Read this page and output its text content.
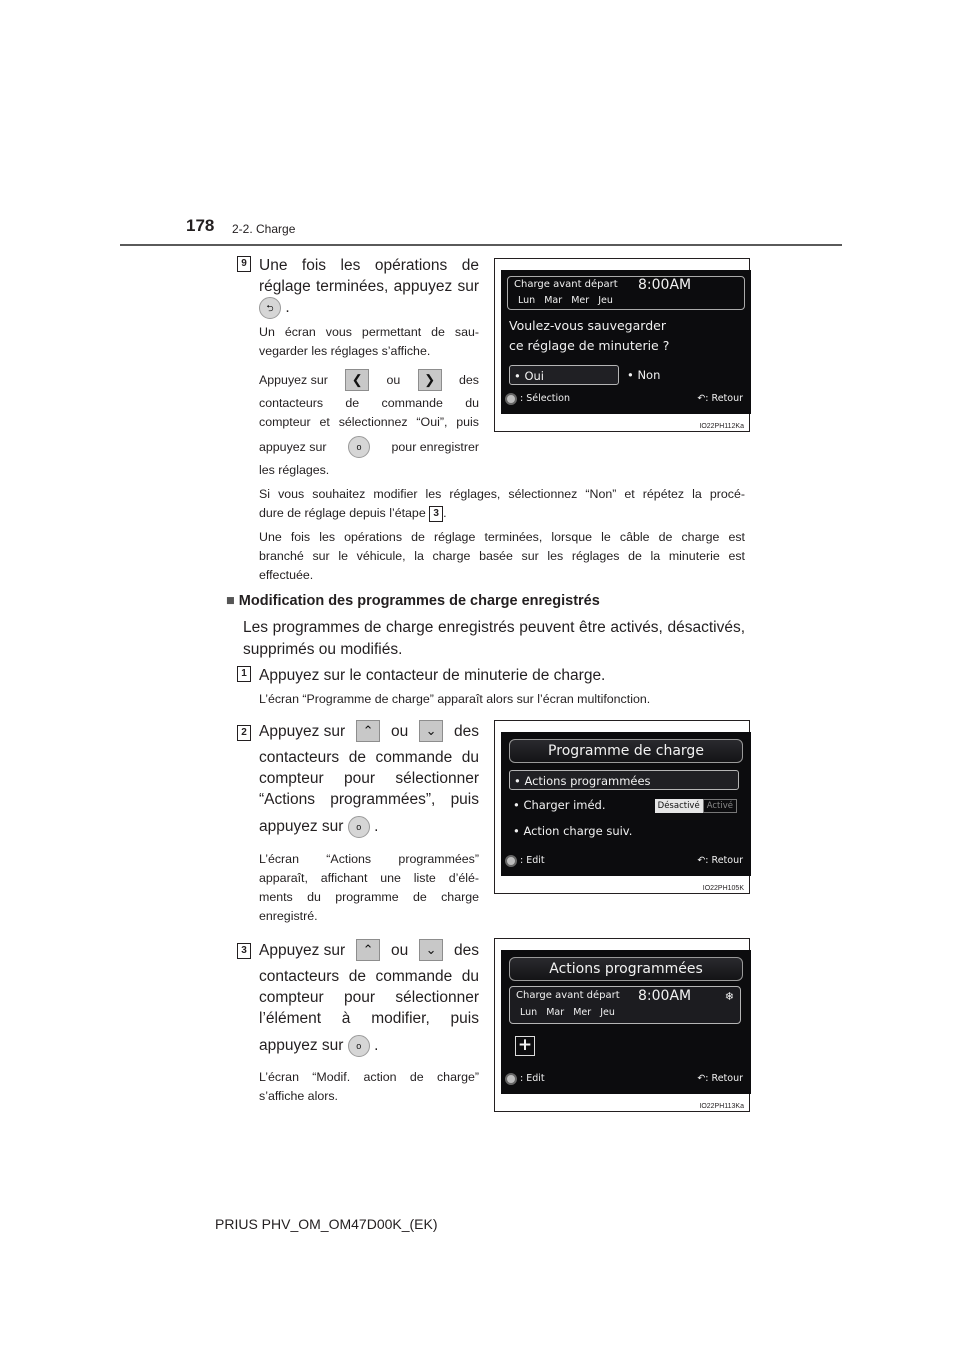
178 2-2. Charge
9 Une fois les opérations de
réglage terminées, appuyez sur
⮌ .
Un écran vous permettant de sau-
vegarder les réglages s’affiche.
Appuyez sur	❮	ou	❯	des
contacteurs de commande du
compteur et sélectionnez “Oui”, puis
appuyez sur	o	pour enregistrer
les réglages.
Si vous souhaitez modifier les réglages, sélectionnez “Non” et répétez la procé-
dure de réglage depuis l’étape 3 .
Une fois les opérations de réglage terminées, lorsque le câble de charge est
branché sur le véhicule, la charge basée sur les réglages de la minuterie est
effectuée.
Charge avant départ 8:00AM
Lun   Mar   Mer   Jeu
Voulez-vous sauvegarder
ce réglage de minuterie ?
• Oui	• Non
: Sélection	↶: Retour
IO22PH112Ka
■ Modification des programmes de charge enregistrés
Les programmes de charge enregistrés peuvent être activés, désactivés,
supprimés ou modifiés.
1 Appuyez sur le contacteur de minuterie de charge.
L’écran “Programme de charge” apparaît alors sur l’écran multifonction.
2 Appuyez sur	⌃	ou	⌄	des
contacteurs de commande du
compteur pour sélectionner
“Actions programmées”, puis
appuyez sur o .
L’écran “Actions programmées”
apparaît, affichant une liste d’élé-
ments du programme de charge
enregistré.
Programme de charge
• Actions programmées
• Charger iméd.	Désactivé Activé
• Action charge suiv.
: Edit	↶: Retour
IO22PH105K
3 Appuyez sur	⌃	ou	⌄	des
contacteurs de commande du
compteur pour sélectionner
l’élément à modifier, puis
appuyez sur o .
L’écran “Modif. action de charge”
s’affiche alors.
Actions programmées
Charge avant départ 8:00AM	❄
Lun   Mar   Mer   Jeu
+
: Edit	↶: Retour
IO22PH113Ka
PRIUS PHV_OM_OM47D00K_(EK)
